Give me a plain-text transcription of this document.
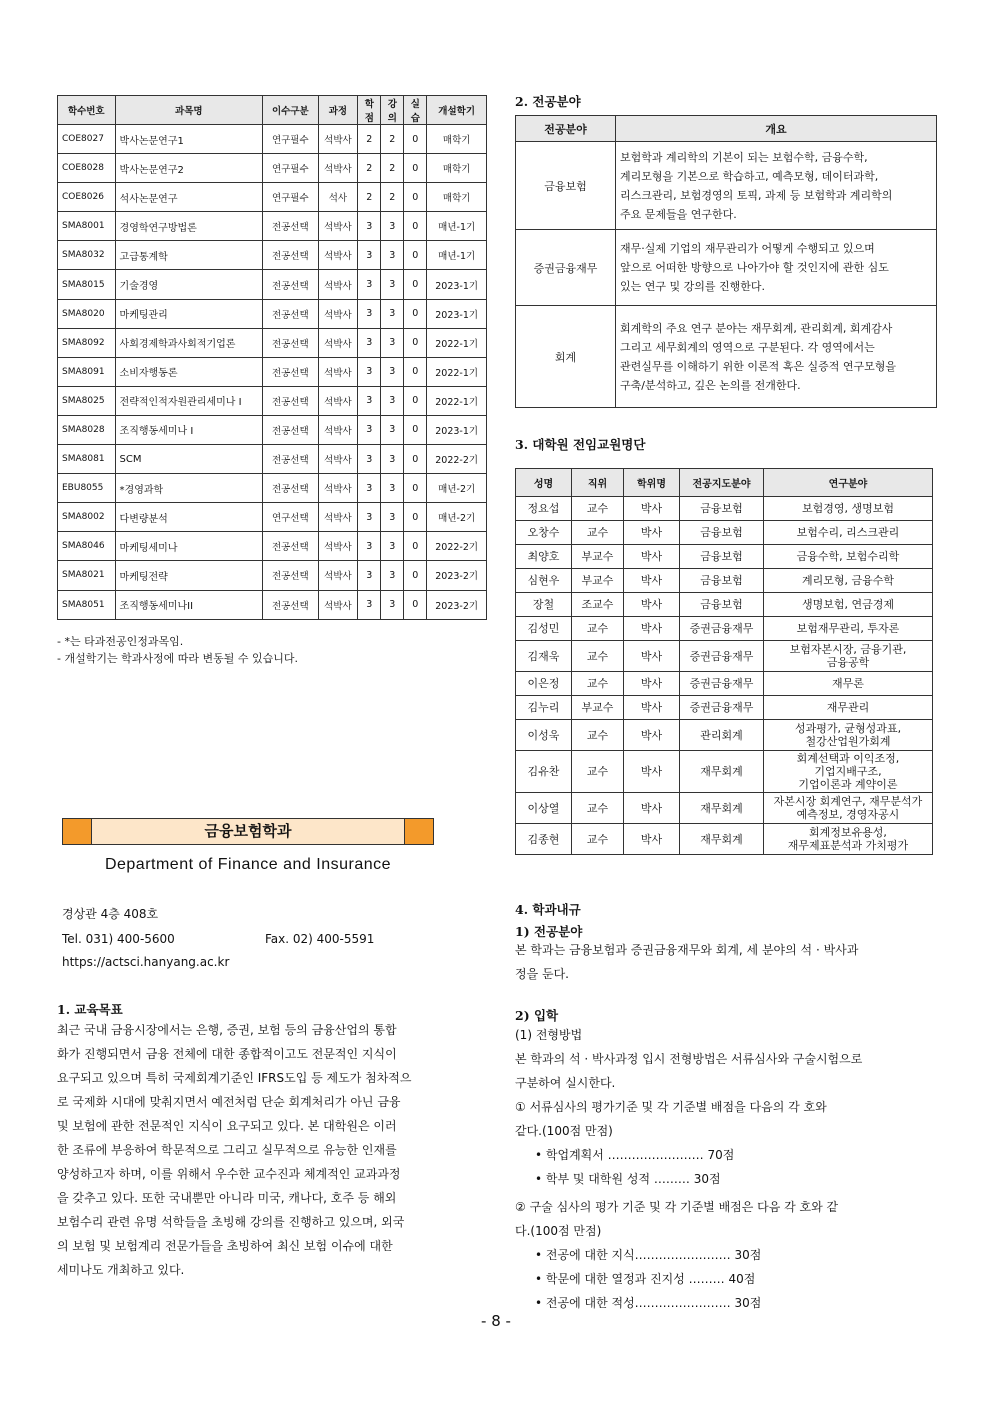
학수번호	과목명	이수구분	과정	학점	강의	실습	개설학기
COE8027	박사논문연구1	연구필수	석박사	2	2	0	매학기
COE8028	박사논문연구2	연구필수	석박사	2	2	0	매학기
COE8026	석사논문연구	연구필수	석사	2	2	0	매학기
SMA8001	경영학연구방법론	전공선택	석박사	3	3	0	매년-1기
SMA8032	고급통계학	전공선택	석박사	3	3	0	매년-1기
SMA8015	기술경영	전공선택	석박사	3	3	0	2023-1기
SMA8020	마케팅관리	전공선택	석박사	3	3	0	2023-1기
SMA8092	사회경제학과사회적기업론	전공선택	석박사	3	3	0	2022-1기
SMA8091	소비자행동론	전공선택	석박사	3	3	0	2022-1기
SMA8025	전략적인적자원관리세미나 I	전공선택	석박사	3	3	0	2022-1기
SMA8028	조직행동세미나 I	전공선택	석박사	3	3	0	2023-1기
SMA8081	SCM	전공선택	석박사	3	3	0	2022-2기
EBU8055	*경영과학	전공선택	석박사	3	3	0	매년-2기
SMA8002	다변량분석	연구선택	석박사	3	3	0	매년-2기
SMA8046	마케팅세미나	전공선택	석박사	3	3	0	2022-2기
SMA8021	마케팅전략	전공선택	석박사	3	3	0	2023-2기
SMA8051	조직행동세미나II	전공선택	석박사	3	3	0	2023-2기
- *는 타과전공인정과목임.
- 개설학기는 학과사정에 따라 변동될 수 있습니다.
금융보험학과
Department of Finance and Insurance
경상관 4층 408호
Tel. 031) 400-5600	Fax. 02) 400-5591
https://actsci.hanyang.ac.kr
1. 교육목표
최근 국내 금융시장에서는 은행, 증권, 보험 등의 금융산업의 통합
화가 진행되면서 금융 전체에 대한 종합적이고도 전문적인 지식이
요구되고 있으며 특히 국제회계기준인 IFRS도입 등 제도가 첨차적으
로 국제화 시대에 맞춰지면서 예전처럼 단순 회계처리가 아닌 금융
및 보험에 관한 전문적인 지식이 요구되고 있다. 본 대학원은 이러
한 조류에 부응하여 학문적으로 그리고 실무적으로 유능한 인재를
양성하고자 하며, 이를 위해서 우수한 교수진과 체계적인 교과과정
을 갖추고 있다. 또한 국내뿐만 아니라 미국, 캐나다, 호주 등 해외
보험수리 관련 유명 석학들을 초빙해 강의를 진행하고 있으며, 외국
의 보험 및 보험계리 전문가들을 초빙하여 최신 보험 이슈에 대한
세미나도 개최하고 있다.
2. 전공분야
전공분야	개요
금융보험	보험학과 계리학의 기본이 되는 보험수학, 금융수학,
계리모형을 기본으로 학습하고, 예측모형, 데이터과학,
리스크관리, 보험경영의 토픽, 과제 등 보험학과 계리학의
주요 문제들을 연구한다.

증권금융재무	재무·실제 기업의 재무관리가 어떻게 수행되고 있으며
앞으로 어떠한 방향으로 나아가야 할 것인지에 관한 심도
있는 연구 및 강의를 진행한다.

회계	회계학의 주요 연구 분야는 재무회계, 관리회계, 회계감사
그리고 세무회계의 영역으로 구분된다. 각 영역에서는
관련실무를 이해하기 위한 이론적 혹은 실증적 연구모형을
구축/분석하고, 깊은 논의를 전개한다.
3. 대학원 전임교원명단
성명	직위	학위명	전공지도분야	연구분야
정요섭	교수	박사	금융보험	보험경영, 생명보험

오창수	교수	박사	금융보험	보험수리, 리스크관리

최양호	부교수	박사	금융보험	금융수학, 보험수리학

심현우	부교수	박사	금융보험	계리모형, 금융수학

장철	조교수	박사	금융보험	생명보험, 연금경제

김성민	교수	박사	증권금융재무	보험재무관리, 투자론

김재욱	교수	박사	증권금융재무	보험자본시장, 금융기관,
금융공학

이은정	교수	박사	증권금융재무	재무론

김누리	부교수	박사	증권금융재무	재무관리

이성욱	교수	박사	관리회계	성과평가, 균형성과표,
철강산업원가회계

김유찬	교수	박사	재무회계	회계선택과 이익조정,
기업지배구조,
기업이론과 계약이론

이상열	교수	박사	재무회계	자본시장 회계연구, 재무분석가
예측정보, 경영자공시

김종현	교수	박사	재무회계	회계정보유용성,
재무제표분석과 가치평가
4. 학과내규
1) 전공분야
본 학과는 금융보험과 증권금융재무와 회계, 세 분야의 석 · 박사과
정을 둔다.
2) 입학
(1) 전형방법
본 학과의 석 · 박사과정 입시 전형방법은 서류심사와 구술시험으로
구분하여 실시한다.
① 서류심사의 평가기준 및 각 기준별 배점을 다음의 각 호와
같다.(100점 만점)
• 학업계획서 …………………… 70점
• 학부 및 대학원 성적 ……… 30점
② 구술 심사의 평가 기준 및 각 기준별 배점은 다음 각 호와 같
다.(100점 만점)
• 전공에 대한 지식…………………… 30점
• 학문에 대한 열정과 진지성 ……… 40점
• 전공에 대한 적성…………………… 30점
- 8 -
